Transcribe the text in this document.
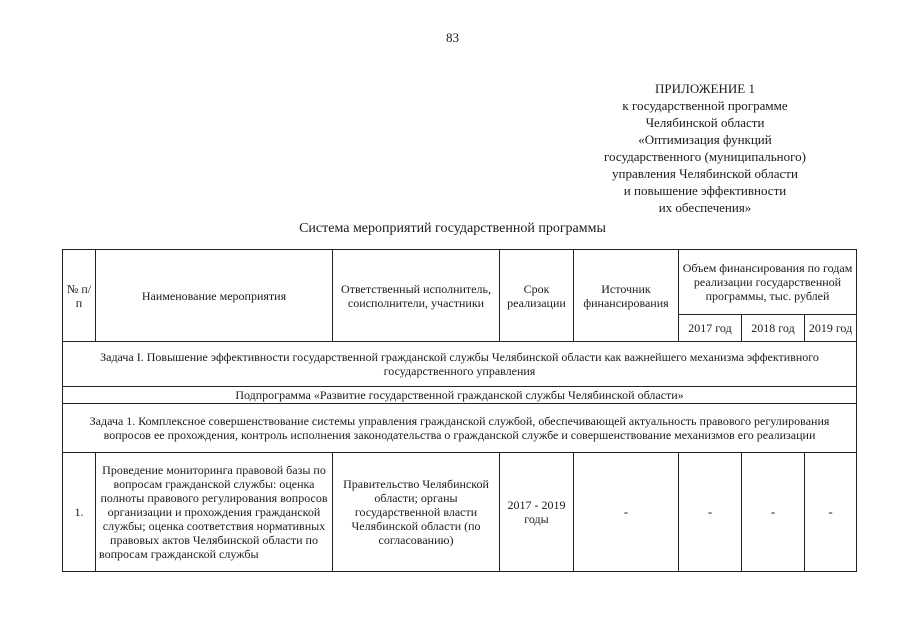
83
ПРИЛОЖЕНИЕ 1
к государственной программе
Челябинской области
«Оптимизация функций
государственного (муниципального)
управления Челябинской области
и повышение эффективности
их обеспечения»
Система мероприятий государственной программы
№ п/п	Наименование мероприятия	Ответственный исполнитель, соисполнители, участники	Срок реализации	Источник финансирования	Объем финансирования по годам реализации государственной программы, тыс. рублей		
					2017 год	2018 год	2019 год
Задача I. Повышение эффективности государственной гражданской службы Челябинской области как важнейшего механизма эффективного государственного управления							
Подпрограмма «Развитие государственной гражданской службы Челябинской области»							
Задача 1. Комплексное совершенствование системы управления гражданской службой, обеспечивающей актуальность правового регулирования вопросов ее прохождения, контроль исполнения законодательства о гражданской службе и совершенствование механизмов его реализации							
1.	Проведение мониторинга правовой базы по вопросам гражданской службы: оценка полноты правового регулирования вопросов организации и прохождения гражданской службы; оценка соответствия нормативных правовых актов Челябинской области по вопросам гражданской службы	Правительство Челябинской области; органы государственной власти Челябинской области (по согласованию)	2017 - 2019 годы	-	-	-	-
